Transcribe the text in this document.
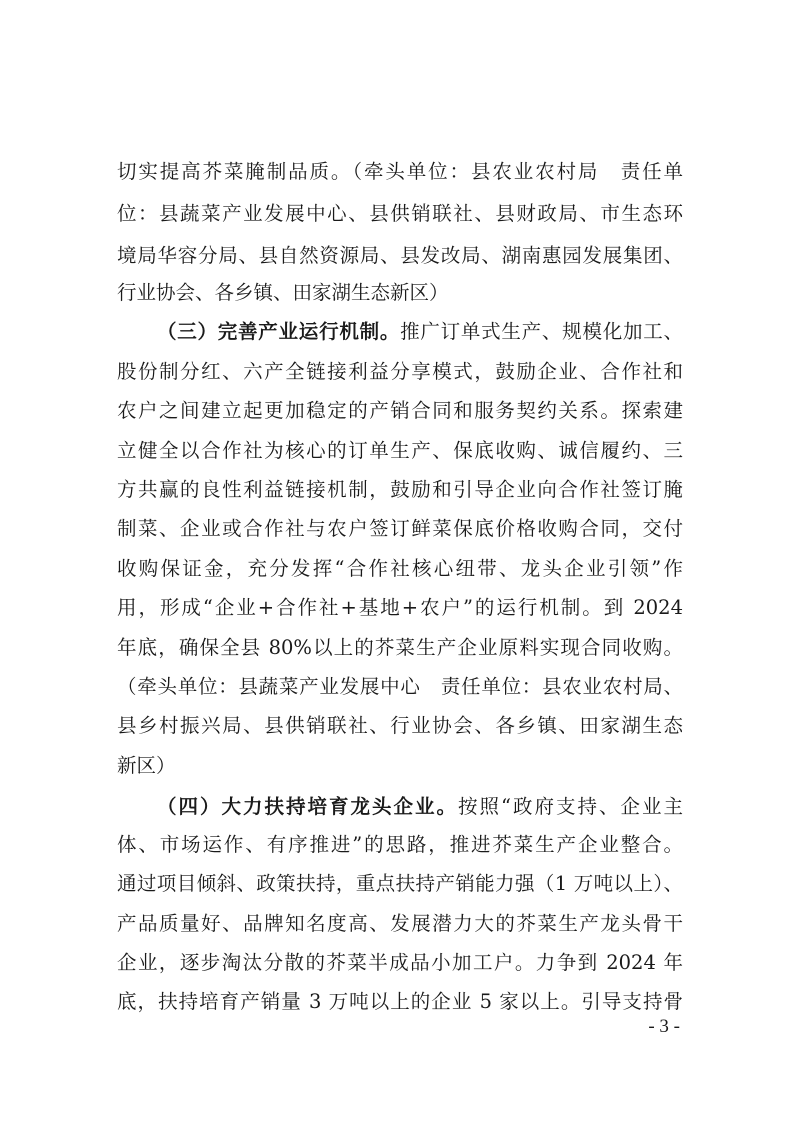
切实提高芥菜腌制品质。（牵头单位：县农业农村局　责任单
位：县蔬菜产业发展中心、县供销联社、县财政局、市生态环
境局华容分局、县自然资源局、县发改局、湖南惠园发展集团、
行业协会、各乡镇、田家湖生态新区）
（三）完善产业运行机制。推广订单式生产、规模化加工、
股份制分红、六产全链接利益分享模式，鼓励企业、合作社和
农户之间建立起更加稳定的产销合同和服务契约关系。探索建
立健全以合作社为核心的订单生产、保底收购、诚信履约、三
方共赢的良性利益链接机制，鼓励和引导企业向合作社签订腌
制菜、企业或合作社与农户签订鲜菜保底价格收购合同，交付
收购保证金，充分发挥“合作社核心纽带、龙头企业引领”作
用，形成“企业+合作社+基地+农户”的运行机制。到 2024
年底，确保全县 80%以上的芥菜生产企业原料实现合同收购。
（牵头单位：县蔬菜产业发展中心　责任单位：县农业农村局、
县乡村振兴局、县供销联社、行业协会、各乡镇、田家湖生态
新区）
（四）大力扶持培育龙头企业。按照“政府支持、企业主
体、市场运作、有序推进”的思路，推进芥菜生产企业整合。
通过项目倾斜、政策扶持，重点扶持产销能力强（1 万吨以上）、
产品质量好、品牌知名度高、发展潜力大的芥菜生产龙头骨干
企业，逐步淘汰分散的芥菜半成品小加工户。力争到 2024 年
底，扶持培育产销量 3 万吨以上的企业 5 家以上。引导支持骨
- 3 -
